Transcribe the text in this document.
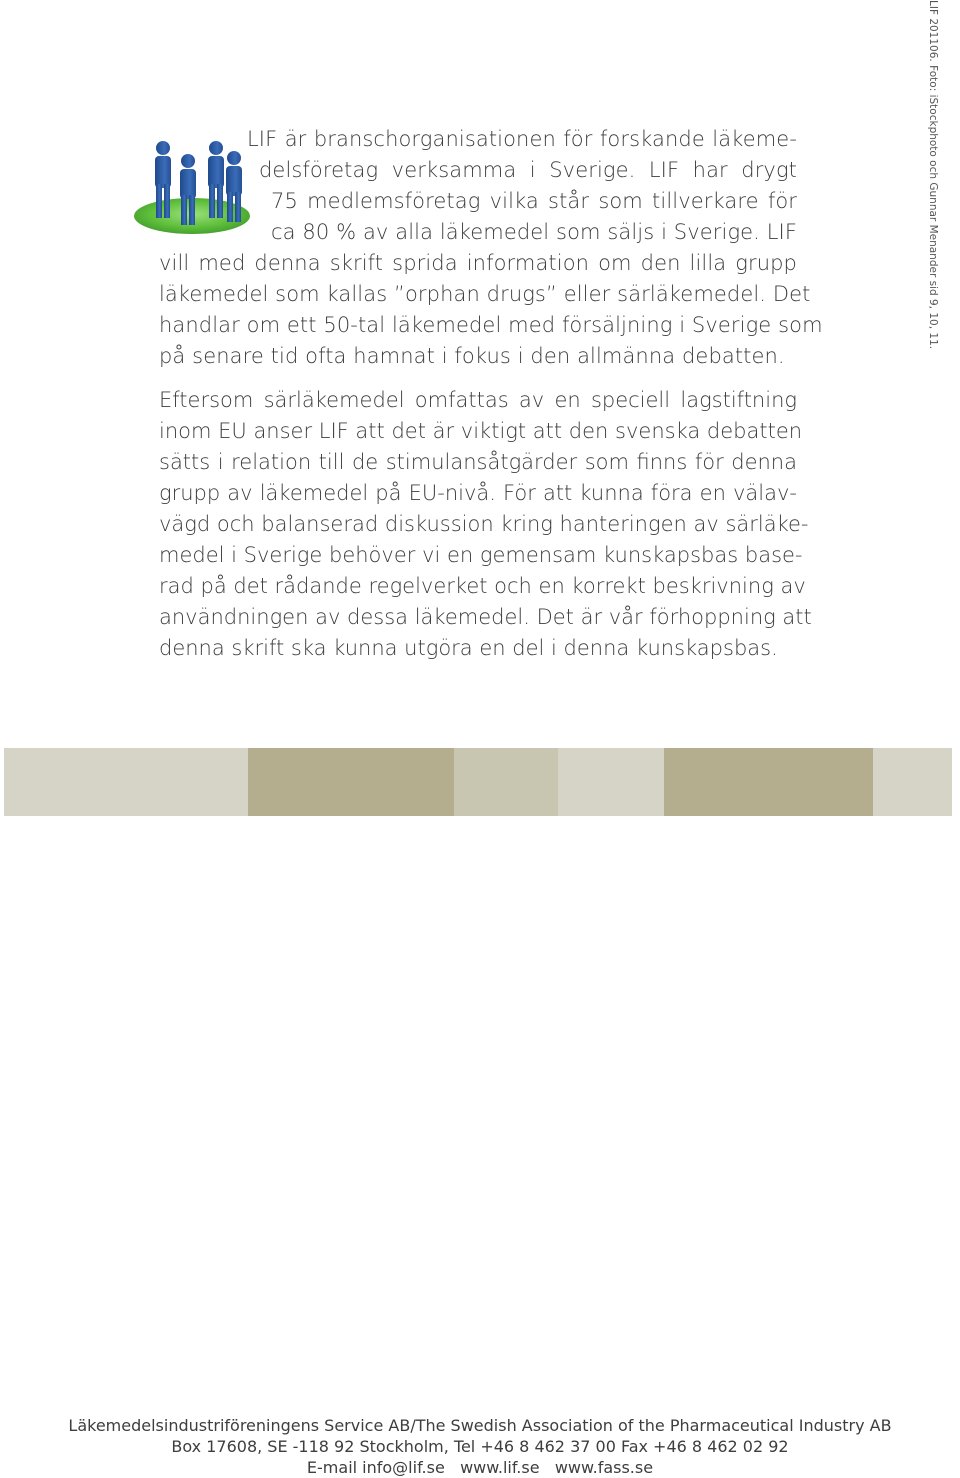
LIF är branschorganisationen för forskande läkeme-
delsföretag verksamma i Sverige. LIF har drygt
75 medlemsföretag vilka står som tillverkare för
ca 80 % av alla läkemedel som säljs i Sverige. LIF
vill med denna skrift sprida information om den lilla grupp
läkemedel som kallas ”orphan drugs” eller särläkemedel. Det
handlar om ett 50-tal läkemedel med försäljning i Sverige som
på senare tid ofta hamnat i fokus i den allmänna debatten.
Eftersom särläkemedel omfattas av en speciell lagstiftning
inom EU anser LIF att det är viktigt att den svenska debatten
sätts i relation till de stimulansåtgärder som finns för denna
grupp av läkemedel på EU-nivå. För att kunna föra en välav-
vägd och balanserad diskussion kring hanteringen av särläke-
medel i Sverige behöver vi en gemensam kunskapsbas base-
rad på det rådande regelverket och en korrekt beskrivning av
användningen av dessa läkemedel. Det är vår förhoppning att
denna skrift ska kunna utgöra en del i denna kunskapsbas.
LIF 201106. Foto: iStockphoto och Gunnar Menander sid 9, 10, 11.
Läkemedelsindustriföreningens Service AB/The Swedish Association of the Pharmaceutical Industry AB
Box 17608, SE -118 92 Stockholm, Tel +46 8 462 37 00 Fax +46 8 462 02 92
E-mail info@lif.se   www.lif.se   www.fass.se
